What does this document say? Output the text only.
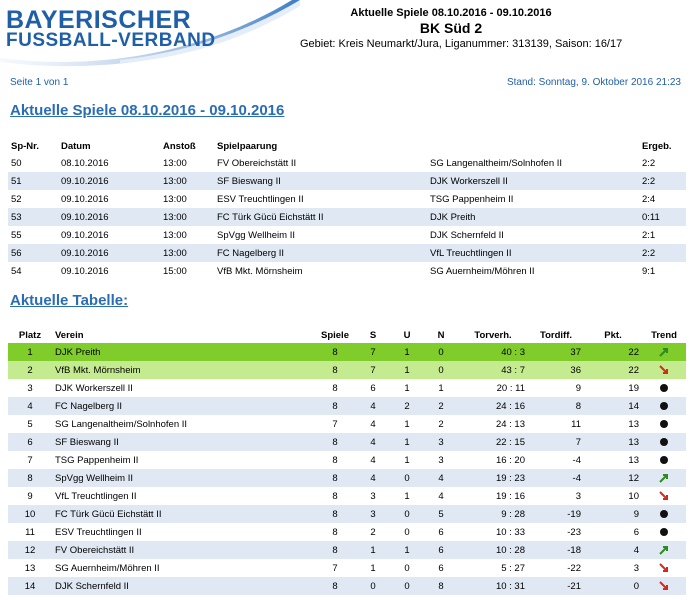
BAYERISCHER
FUSSBALL-VERBAND
Aktuelle Spiele 08.10.2016 - 09.10.2016
BK Süd 2
Gebiet: Kreis Neumarkt/Jura, Liganummer: 313139, Saison: 16/17
Seite 1 von 1	Stand: Sonntag, 9. Oktober 2016 21:23
Aktuelle Spiele 08.10.2016 - 09.10.2016
Sp-Nr.	Datum	Anstoß	Spielpaarung		Ergeb.
50	08.10.2016	13:00	FV Obereichstätt II	SG Langenaltheim/Solnhofen II	2:2
51	09.10.2016	13:00	SF Bieswang II	DJK Workerszell II	2:2
52	09.10.2016	13:00	ESV Treuchtlingen II	TSG Pappenheim II	2:4
53	09.10.2016	13:00	FC Türk Gücü Eichstätt II	DJK Preith	0:11
55	09.10.2016	13:00	SpVgg Wellheim II	DJK Schernfeld II	2:1
56	09.10.2016	13:00	FC Nagelberg II	VfL Treuchtlingen II	2:2
54	09.10.2016	15:00	VfB Mkt. Mörnsheim	SG Auernheim/Möhren II	9:1
Aktuelle Tabelle:
Platz	Verein	Spiele	S	U	N	Torverh.	Tordiff.	Pkt.	Trend
1	DJK Preith	8	7	1	0	40 : 3	37	22	
2	VfB Mkt. Mörnsheim	8	7	1	0	43 : 7	36	22	
3	DJK Workerszell II	8	6	1	1	20 : 11	9	19	
4	FC Nagelberg II	8	4	2	2	24 : 16	8	14	
5	SG Langenaltheim/Solnhofen II	7	4	1	2	24 : 13	11	13	
6	SF Bieswang II	8	4	1	3	22 : 15	7	13	
7	TSG Pappenheim II	8	4	1	3	16 : 20	-4	13	
8	SpVgg Wellheim II	8	4	0	4	19 : 23	-4	12	
9	VfL Treuchtlingen II	8	3	1	4	19 : 16	3	10	
10	FC Türk Gücü Eichstätt II	8	3	0	5	9 : 28	-19	9	
11	ESV Treuchtlingen II	8	2	0	6	10 : 33	-23	6	
12	FV Obereichstätt II	8	1	1	6	10 : 28	-18	4	
13	SG Auernheim/Möhren II	7	1	0	6	5 : 27	-22	3	
14	DJK Schernfeld II	8	0	0	8	10 : 31	-21	0	
